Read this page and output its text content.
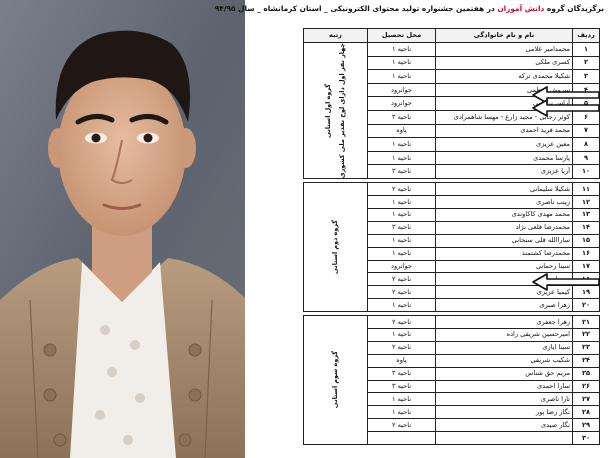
برگزیدگان گروه دانش آموزان در هفتمین جشنواره تولید محتوای الکترونیکی _ استان کرمانشاه _ سال ۹۴/۹۵
ردیف	نام و نام خانوادگی	محل تحصیل	رتبه
۱	محمدامیر غلامی	ناحیه ۱	گروه اول استانی چهار نفر اول دارای لوح تقدیر ملی کشوری

۲	کسری ملکی	ناحیه ۱	
۳	شکیلا محمدی ترکه	ناحیه ۱	
۴	سروش اعظمی	جوانرود	
۵	آراس نرگسی	جوانرود	
۶	کوثر رجابی - مجید زارع - مهسا شاهمرادی	ناحیه ۳	
۷	محمد فرید احمدی	پاوه	
۸	معین عزیزی	ناحیه ۱	
۹	پارسا محمدی	ناحیه ۱	
۱۰	آریا عزیزی	ناحیه ۳	

۱۱	شکیلا سلیمانی	ناحیه ۲	گروه دوم استانی

۱۲	زینب ناصری	ناحیه ۱	
۱۳	محمد مهدی کاکاوندی	ناحیه ۱	
۱۴	محمدرضا قلعی نژاد	ناحیه ۳	
۱۵	ساراالله قلی سنجابی	ناحیه ۱	
۱۶	محمدرضا کشتمند	ناحیه ۱	
۱۷	سینا رحمانی	جوانرود	
		ناحیه ۲	
۱۹	کیمیا عزیزی	ناحیه ۲	
۲۰	زهرا صبری	ناحیه ۱	

۲۱	زهرا جعفری	ناحیه ۲	گروه سوم استانی

۲۲	امیرحسین شریفی زاده	ناحیه ۱	
۲۳	سینا ایازی	ناحیه ۲	
۲۴	شکیب شریفی	پاوه	
۲۵	مریم حق شناس	ناحیه ۳	
۲۶	سارا احمدی	ناحیه ۳	
۲۷	تارا ناصری	ناحیه ۱	
۲۸	نگار رضا پور	ناحیه ۱	
۲۹	نگار صیدی	ناحیه ۲	
۳۰			
